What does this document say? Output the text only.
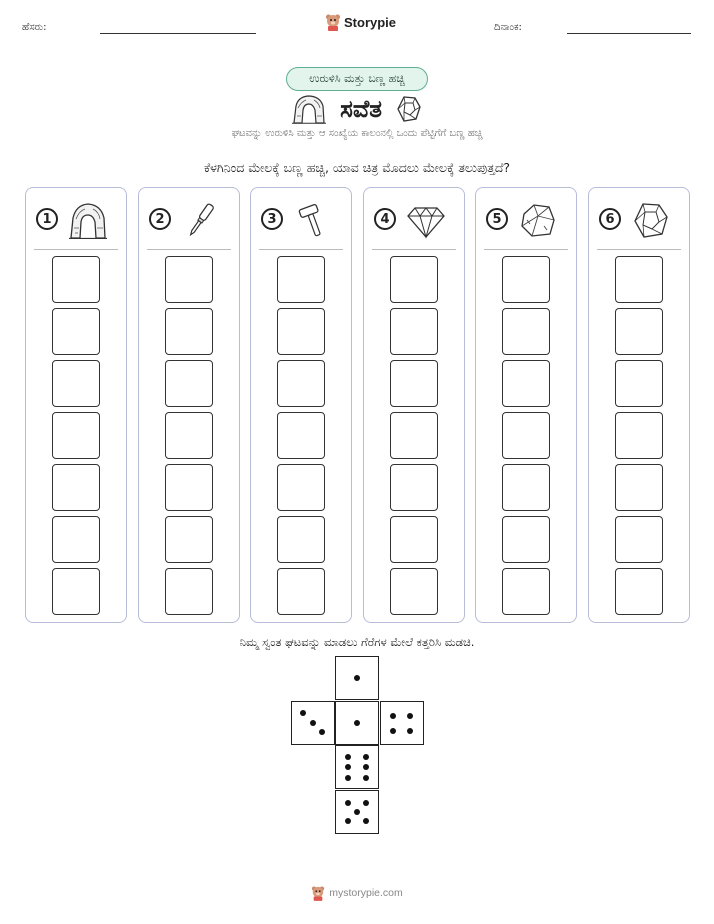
ಹೆಸರು:	Storypie	ದಿನಾಂಕ:
ಉರುಳಿಸಿ ಮತ್ತು ಬಣ್ಣ ಹಚ್ಚಿ
ಸವೆತ
ಘಟವನ್ನು ಉರುಳಿಸಿ ಮತ್ತು ಆ ಸಂಖ್ಯೆಯ ಕಾಲಂನಲ್ಲಿ ಒಂದು ಪೆಟ್ಟಿಗೆಗೆ ಬಣ್ಣ ಹಚ್ಚಿ
ಕೆಳಗಿನಿಂದ ಮೇಲಕ್ಕೆ ಬಣ್ಣ ಹಚ್ಚಿ, ಯಾವ ಚಿತ್ರ ಮೊದಲು ಮೇಲಕ್ಕೆ ತಲುಪುತ್ತದೆ?
1	2	3	4	5	6
ನಿಮ್ಮ ಸ್ವಂತ ಘಟವನ್ನು ಮಾಡಲು ಗೆರೆಗಳ ಮೇಲೆ ಕತ್ತರಿಸಿ ಮಡಚಿ.
mystorypie.com
